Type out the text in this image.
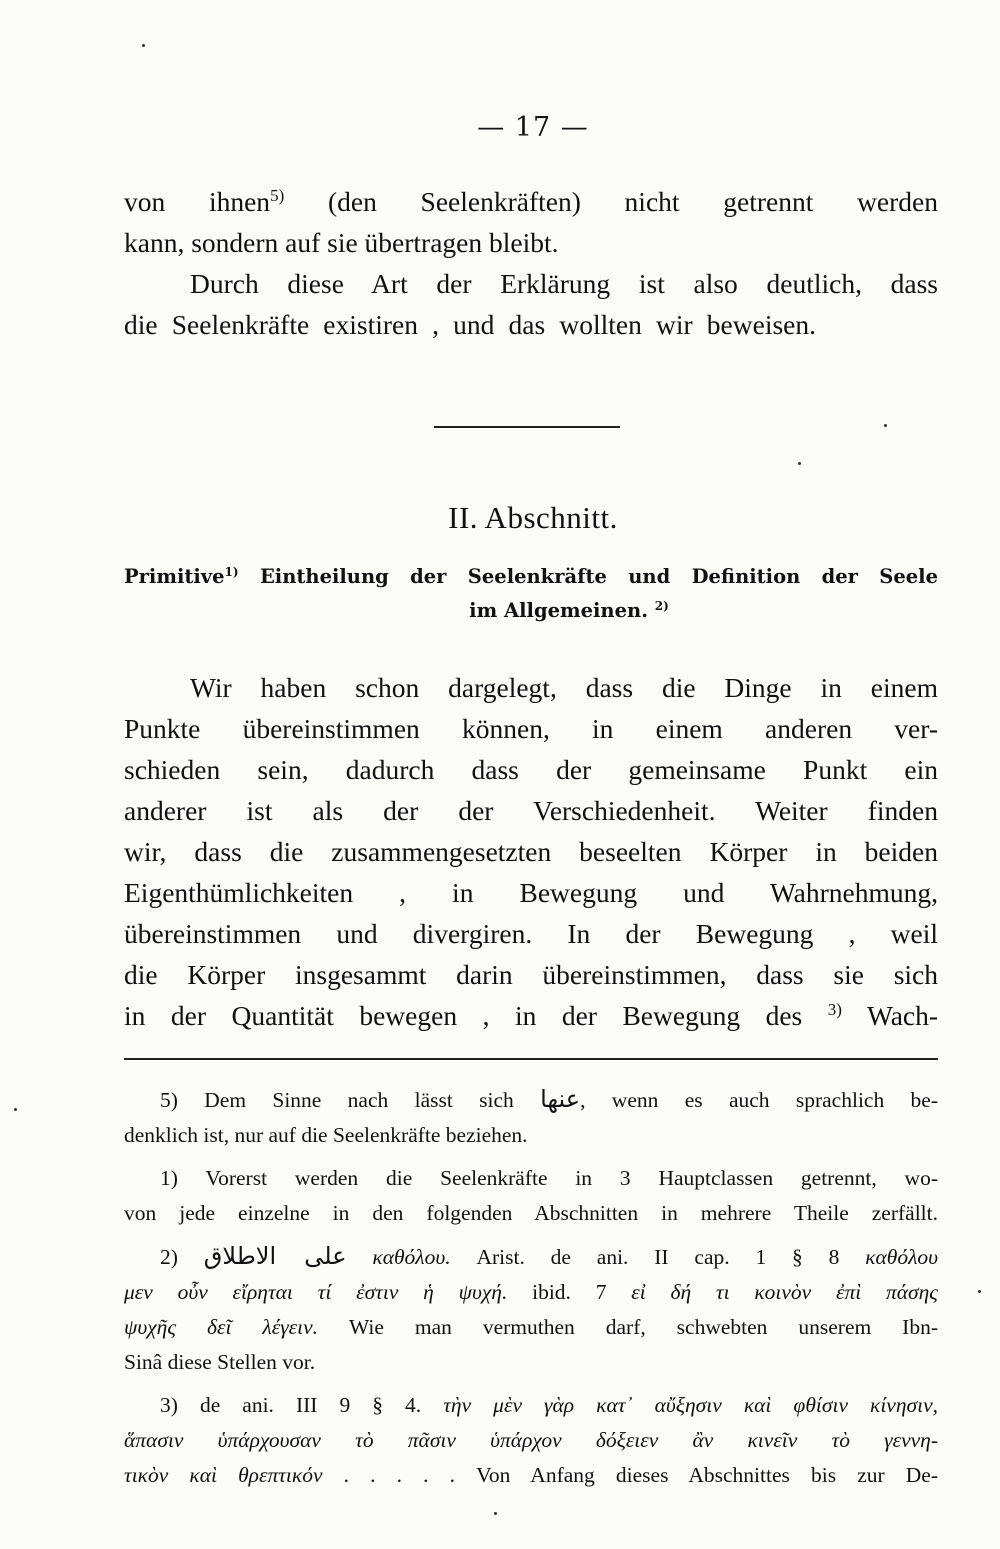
— 17 —
von ihnen$^{5)}$ (den Seelenkräften) nicht getrennt werden
kann, sondern auf sie übertragen bleibt.
Durch diese Art der Erklärung ist also deutlich, dass
die Seelenkräfte existiren , und das wollten wir beweisen.
II. Abschnitt.
Primitive$^{1)}$ Eintheilung der Seelenkräfte und Definition der Seele
im Allgemeinen. $^{2)}$
Wir haben schon dargelegt, dass die Dinge in einem
Punkte übereinstimmen können, in einem anderen ver-
schieden sein, dadurch dass der gemeinsame Punkt ein
anderer ist als der der Verschiedenheit. Weiter finden
wir, dass die zusammengesetzten beseelten Körper in beiden
Eigenthümlichkeiten , in Bewegung und Wahrnehmung,
übereinstimmen und divergiren. In der Bewegung , weil
die Körper insgesammt darin übereinstimmen, dass sie sich
in der Quantität bewegen , in der Bewegung des $^{3)}$ Wach-
5) Dem Sinne nach lässt sich عنها, wenn es auch sprachlich be-
denklich ist, nur auf die Seelenkräfte beziehen.
1) Vorerst werden die Seelenkräfte in 3 Hauptclassen getrennt, wo-
von jede einzelne in den folgenden Abschnitten in mehrere Theile zerfällt.
2) على الاطلاق καθόλου. Arist. de ani. II cap. 1 § 8 καθόλου
μεν οὖν εἴρηται τί ἐστιν ἡ ψυχή. ibid. 7 εἰ δή τι κοινὸν ἐπὶ πάσης
ψυχῆς δεῖ λέγειν. Wie man vermuthen darf, schwebten unserem Ibn-
Sinâ diese Stellen vor.
3) de ani. III 9 § 4. τὴν μὲν γὰρ κατ᾽ αὔξησιν καὶ φθίσιν κίνησιν,
ἅπασιν ὑπάρχουσαν τὸ πᾶσιν ὑπάρχον δόξειεν ἂν κινεῖν τὸ γεννη-
τικὸν καὶ θρεπτικόν . . . . . Von Anfang dieses Abschnittes bis zur De-
